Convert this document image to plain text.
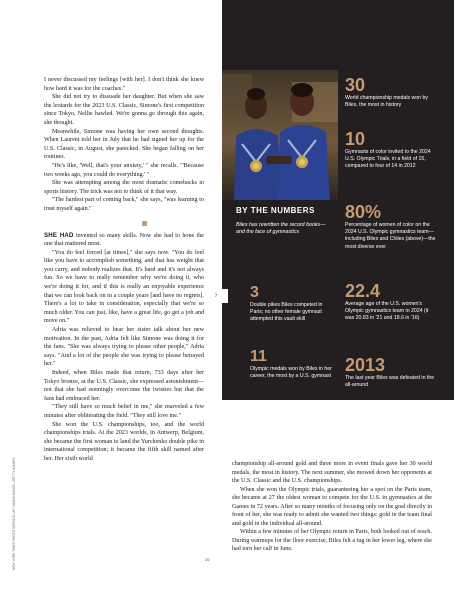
I never discussed my feelings [with her]. I don't think she knew how hard it was for the coaches."

She did not try to dissuade her daughter. But when she saw the leotards for the 2023 U.S. Classic, Simone's first competition since Tokyo, Nellie bawled. We're gonna go through this again, she thought.

Meanwhile, Simone was having her own second thoughts. When Laurent told her in July that he had signed her up for the U.S. Classic, in August, she panicked. She began falling on her routines.

"He's like, 'Well, that's your anxiety,' " she recalls. "'Because two weeks ago, you could do everything.' "

She was attempting among the most dramatic comebacks in sports history. The trick was not to think of it that way.

"The hardest part of coming back," she says, "was learning to trust myself again."

SHE HAD invented so many skills. Now she had to hone the one that mattered most.

"You do feel forced [at times]," she says now. "You do feel like you have to accomplish something, and that has weight that you carry, and nobody realizes that. It's hard and it's not always fun. So we have to really remember why we're doing it, who we're doing it for, and if this is really an enjoyable experience that we can look back on in a couple years [and have no regrets]. There's a lot to take in consideration, especially that we're so much older. You can just, like, have a great life, go get a job and move on."

Adria was relieved to hear her sister talk about her new motivation. In the past, Adria felt like Simone was doing it for the fans. "She was always trying to please other people," Adria says. "And a lot of the people she was trying to please betrayed her."

Indeed, when Biles made that return, 733 days after her Tokyo bronze, at the U.S. Classic, she expressed astonishment—not that she had seemingly overcome the twisties but that the fans had embraced her.

"They still have so much belief in me," she marveled a few minutes after obliterating the field. "They still love me."

She won the U.S. championships, too, and the world championships trials. At the 2023 worlds, in Antwerp, Belgium, she became the first woman to land the Yurchenko double pike in international competition; it became the fifth skill named after her. Her sixth world

BY THE NUMBERS
Biles has rewritten the record books—and the face of gymnastics
›
30
World championship medals won by Biles, the most in history
10
Gymnasts of color invited to the 2024 U.S. Olympic Trials, in a field of 15, compared to four of 14 in 2012
80%
Percentage of women of color on the 2024 U.S. Olympic gymnastics team—including Biles and Chiles (above)—the most diverse ever
22.4
Average age of the U.S. women's Olympic gymnastics team in 2024 (it was 20.83 in '21 and 18.6 in '16)
2013
The last year Biles was defeated in the all-around
3
Double pikes Biles competed in Paris; no other female gymnast attempted this vault skill
11
Olympic medals won by Biles in her career, the most by a U.S. gymnast

championship all-around gold and three more in event finals gave her 30 world medals, the most in history. The next summer, she mowed down her opponents at the U.S. Classic and the U.S. championships.

When she won the Olympic trials, guaranteeing her a spot on the Paris team, she became at 27 the oldest woman to compete for the U.S. in gymnastics at the Games in 72 years. After so many months of focusing only on the goal directly in front of her, she was ready to admit she wanted two things: gold in the team final and gold in the individual all-around.

Within a few minutes of her Olympic return in Paris, both looked out of reach. During warmups for the floor exercise, Biles felt a tug in her lower leg, where she had torn her calf in June.

26
NEW YORK TIMES PHOTO SERVICE / AP; NAOMI BAKER—GETTY IMAGES
